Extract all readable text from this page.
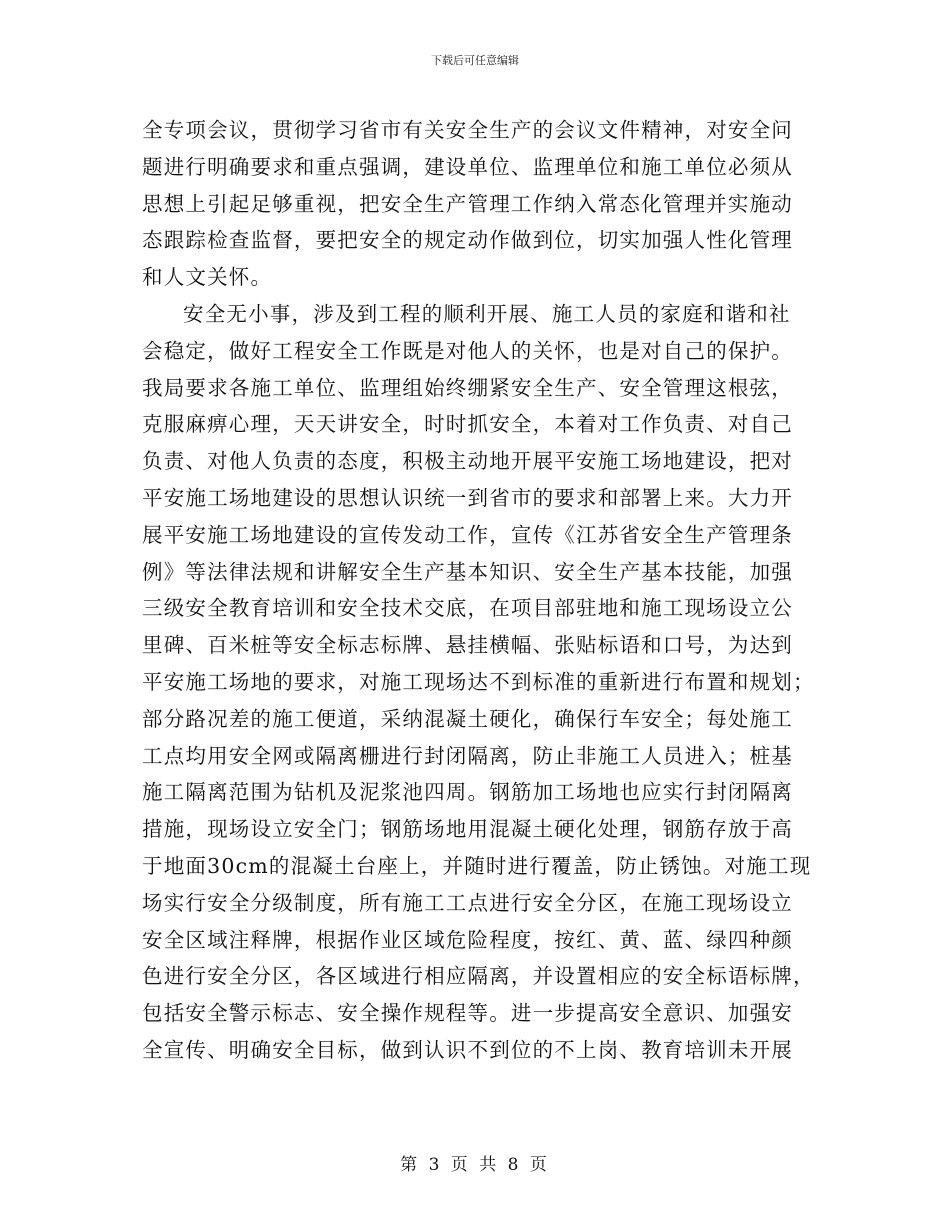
下载后可任意编辑
全专项会议，贯彻学习省市有关安全生产的会议文件精神，对安全问
题进行明确要求和重点强调，建设单位、监理单位和施工单位必须从
思想上引起足够重视，把安全生产管理工作纳入常态化管理并实施动
态跟踪检查监督，要把安全的规定动作做到位，切实加强人性化管理
和人文关怀。
安全无小事，涉及到工程的顺利开展、施工人员的家庭和谐和社
会稳定，做好工程安全工作既是对他人的关怀，也是对自己的保护。
我局要求各施工单位、监理组始终绷紧安全生产、安全管理这根弦，
克服麻痹心理，天天讲安全，时时抓安全，本着对工作负责、对自己
负责、对他人负责的态度，积极主动地开展平安施工场地建设，把对
平安施工场地建设的思想认识统一到省市的要求和部署上来。大力开
展平安施工场地建设的宣传发动工作，宣传《江苏省安全生产管理条
例》等法律法规和讲解安全生产基本知识、安全生产基本技能，加强
三级安全教育培训和安全技术交底，在项目部驻地和施工现场设立公
里碑、百米桩等安全标志标牌、悬挂横幅、张贴标语和口号，为达到
平安施工场地的要求，对施工现场达不到标准的重新进行布置和规划；
部分路况差的施工便道，采纳混凝土硬化，确保行车安全；每处施工
工点均用安全网或隔离栅进行封闭隔离，防止非施工人员进入；桩基
施工隔离范围为钻机及泥浆池四周。钢筋加工场地也应实行封闭隔离
措施，现场设立安全门；钢筋场地用混凝土硬化处理，钢筋存放于高
于地面30cm的混凝土台座上，并随时进行覆盖，防止锈蚀。对施工现
场实行安全分级制度，所有施工工点进行安全分区，在施工现场设立
安全区域注释牌，根据作业区域危险程度，按红、黄、蓝、绿四种颜
色进行安全分区，各区域进行相应隔离，并设置相应的安全标语标牌，
包括安全警示标志、安全操作规程等。进一步提高安全意识、加强安
全宣传、明确安全目标，做到认识不到位的不上岗、教育培训未开展
第 3 页 共 8 页
